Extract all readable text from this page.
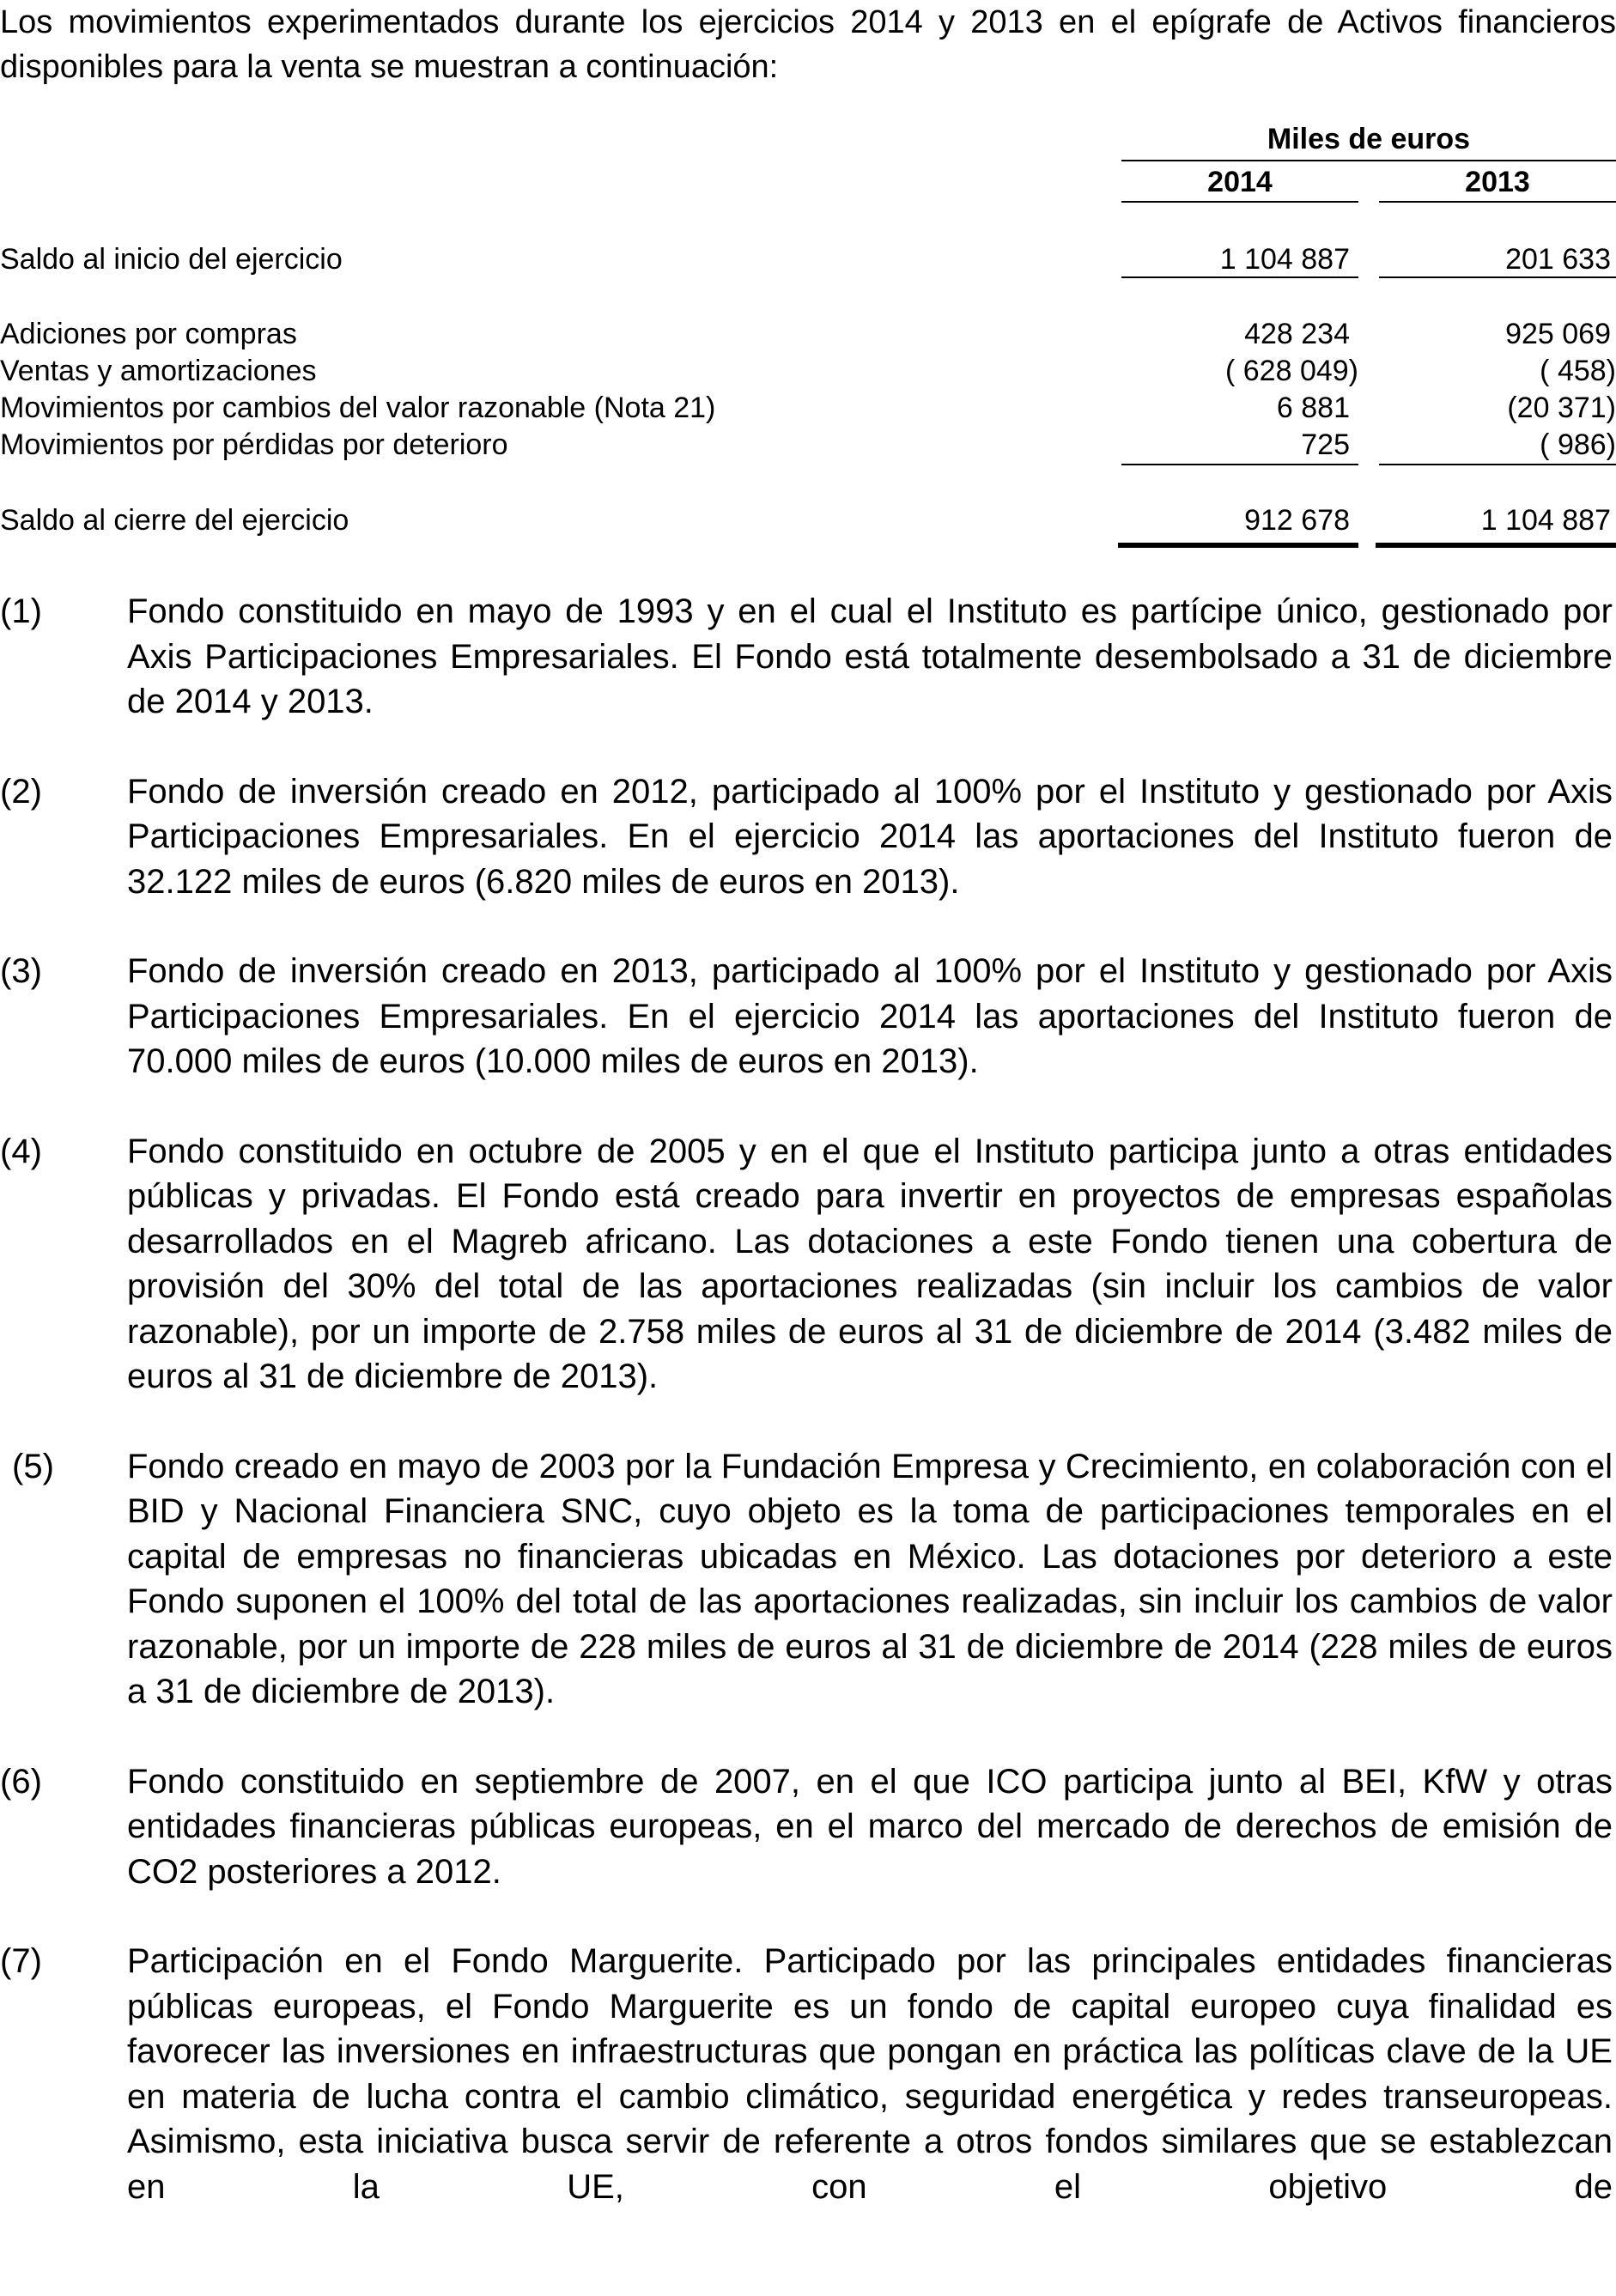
Los movimientos experimentados durante los ejercicios 2014 y 2013 en el epígrafe de Activos financieros disponibles para la venta se muestran a continuación:

Miles de euros
2014	2013
Saldo al inicio del ejercicio	1 104 887	201 633
Adiciones por compras	428 234	925 069
Ventas y amortizaciones	( 628 049)	( 458)
Movimientos por cambios del valor razonable (Nota 21)	6 881	(20 371)
Movimientos por pérdidas por deterioro	725	( 986)
Saldo al cierre del ejercicio	912 678	1 104 887
(1) Fondo constituido en mayo de 1993 y en el cual el Instituto es partícipe único, gestionado por Axis Participaciones Empresariales. El Fondo está totalmente desembolsado a 31 de diciembre de 2014 y 2013.
(2) Fondo de inversión creado en 2012, participado al 100% por el Instituto y gestionado por Axis Participaciones Empresariales. En el ejercicio 2014 las aportaciones del Instituto fueron de 32.122 miles de euros (6.820 miles de euros en 2013).
(3) Fondo de inversión creado en 2013, participado al 100% por el Instituto y gestionado por Axis Participaciones Empresariales. En el ejercicio 2014 las aportaciones del Instituto fueron de 70.000 miles de euros (10.000 miles de euros en 2013).
(4) Fondo constituido en octubre de 2005 y en el que el Instituto participa junto a otras entidades públicas y privadas. El Fondo está creado para invertir en proyectos de empresas españolas desarrollados en el Magreb africano. Las dotaciones a este Fondo tienen una cobertura de provisión del 30% del total de las aportaciones realizadas (sin incluir los cambios de valor razonable), por un importe de 2.758 miles de euros al 31 de diciembre de 2014 (3.482 miles de euros al 31 de diciembre de 2013).
(5) Fondo creado en mayo de 2003 por la Fundación Empresa y Crecimiento, en colaboración con el BID y Nacional Financiera SNC, cuyo objeto es la toma de participaciones temporales en el capital de empresas no financieras ubicadas en México. Las dotaciones por deterioro a este Fondo suponen el 100% del total de las aportaciones realizadas, sin incluir los cambios de valor razonable, por un importe de 228 miles de euros al 31 de diciembre de 2014 (228 miles de euros a 31 de diciembre de 2013).
(6) Fondo constituido en septiembre de 2007, en el que ICO participa junto al BEI, KfW y otras entidades financieras públicas europeas, en el marco del mercado de derechos de emisión de CO2 posteriores a 2012.
(7) Participación en el Fondo Marguerite. Participado por las principales entidades financieras públicas europeas, el Fondo Marguerite es un fondo de capital europeo cuya finalidad es favorecer las inversiones en infraestructuras que pongan en práctica las políticas clave de la UE en materia de lucha contra el cambio climático, seguridad energética y redes transeuropeas. Asimismo, esta iniciativa busca servir de referente a otros fondos similares que se establezcan en la UE, con el objetivo de
